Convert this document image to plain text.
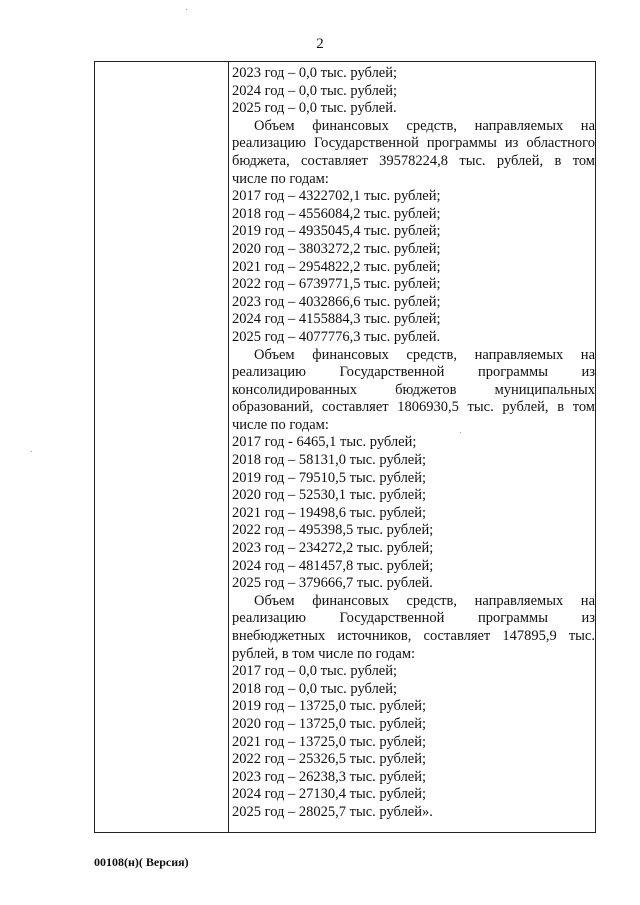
2
2023 год – 0,0 тыс. рублей;
2024 год – 0,0 тыс. рублей;
2025 год – 0,0 тыс. рублей.
Объем финансовых средств, направляемых на
реализацию Государственной программы из областного
бюджета, составляет 39578224,8 тыс. рублей, в том
числе по годам:
2017 год – 4322702,1 тыс. рублей;
2018 год – 4556084,2 тыс. рублей;
2019 год – 4935045,4 тыс. рублей;
2020 год – 3803272,2 тыс. рублей;
2021 год – 2954822,2 тыс. рублей;
2022 год – 6739771,5 тыс. рублей;
2023 год – 4032866,6 тыс. рублей;
2024 год – 4155884,3 тыс. рублей;
2025 год – 4077776,3 тыс. рублей.
Объем финансовых средств, направляемых на
реализацию Государственной программы из
консолидированных бюджетов муниципальных
образований, составляет 1806930,5 тыс. рублей, в том
числе по годам:
2017 год - 6465,1 тыс. рублей;
2018 год – 58131,0 тыс. рублей;
2019 год – 79510,5 тыс. рублей;
2020 год – 52530,1 тыс. рублей;
2021 год – 19498,6 тыс. рублей;
2022 год – 495398,5 тыс. рублей;
2023 год – 234272,2 тыс. рублей;
2024 год – 481457,8 тыс. рублей;
2025 год – 379666,7 тыс. рублей.
Объем финансовых средств, направляемых на
реализацию Государственной программы из
внебюджетных источников, составляет 147895,9 тыс.
рублей, в том числе по годам:
2017 год – 0,0 тыс. рублей;
2018 год – 0,0 тыс. рублей;
2019 год – 13725,0 тыс. рублей;
2020 год – 13725,0 тыс. рублей;
2021 год – 13725,0 тыс. рублей;
2022 год – 25326,5 тыс. рублей;
2023 год – 26238,3 тыс. рублей;
2024 год – 27130,4 тыс. рублей;
2025 год – 28025,7 тыс. рублей».
00108(н)( Версия)
